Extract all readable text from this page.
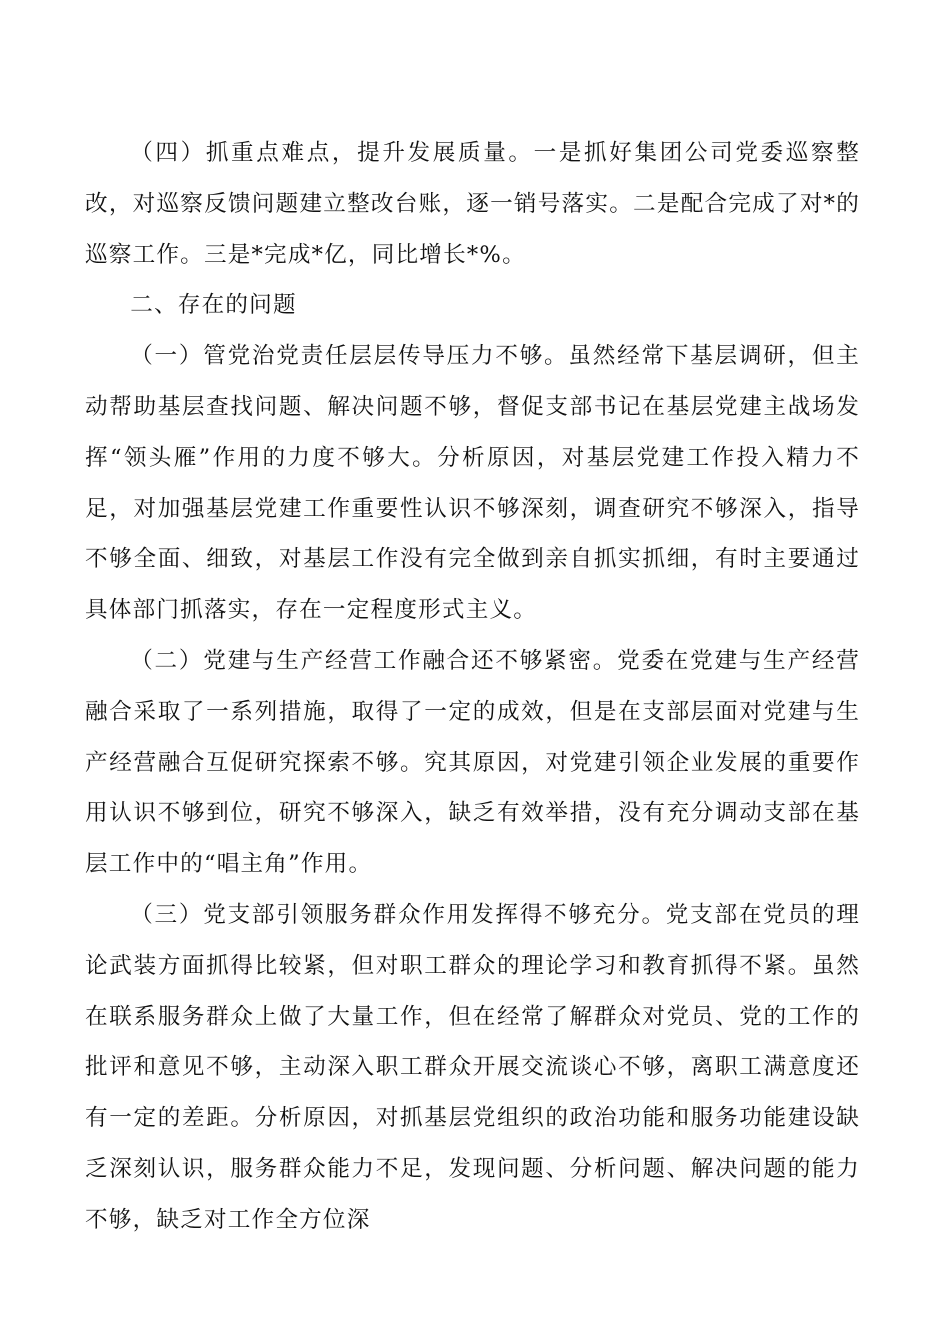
（四）抓重点难点，提升发展质量。一是抓好集团公司党委巡察整改，对巡察反馈问题建立整改台账，逐一销号落实。二是配合完成了对*的巡察工作。三是*完成*亿，同比增长*%。

二、存在的问题

（一）管党治党责任层层传导压力不够。虽然经常下基层调研，但主动帮助基层查找问题、解决问题不够，督促支部书记在基层党建主战场发挥“领头雁”作用的力度不够大。分析原因，对基层党建工作投入精力不足，对加强基层党建工作重要性认识不够深刻，调查研究不够深入，指导不够全面、细致，对基层工作没有完全做到亲自抓实抓细，有时主要通过具体部门抓落实，存在一定程度形式主义。

（二）党建与生产经营工作融合还不够紧密。党委在党建与生产经营融合采取了一系列措施，取得了一定的成效，但是在支部层面对党建与生产经营融合互促研究探索不够。究其原因，对党建引领企业发展的重要作用认识不够到位，研究不够深入，缺乏有效举措，没有充分调动支部在基层工作中的“唱主角”作用。

（三）党支部引领服务群众作用发挥得不够充分。党支部在党员的理论武装方面抓得比较紧，但对职工群众的理论学习和教育抓得不紧。虽然在联系服务群众上做了大量工作，但在经常了解群众对党员、党的工作的批评和意见不够，主动深入职工群众开展交流谈心不够，离职工满意度还有一定的差距。分析原因，对抓基层党组织的政治功能和服务功能建设缺乏深刻认识，服务群众能力不足，发现问题、分析问题、解决问题的能力不够，缺乏对工作全方位深
